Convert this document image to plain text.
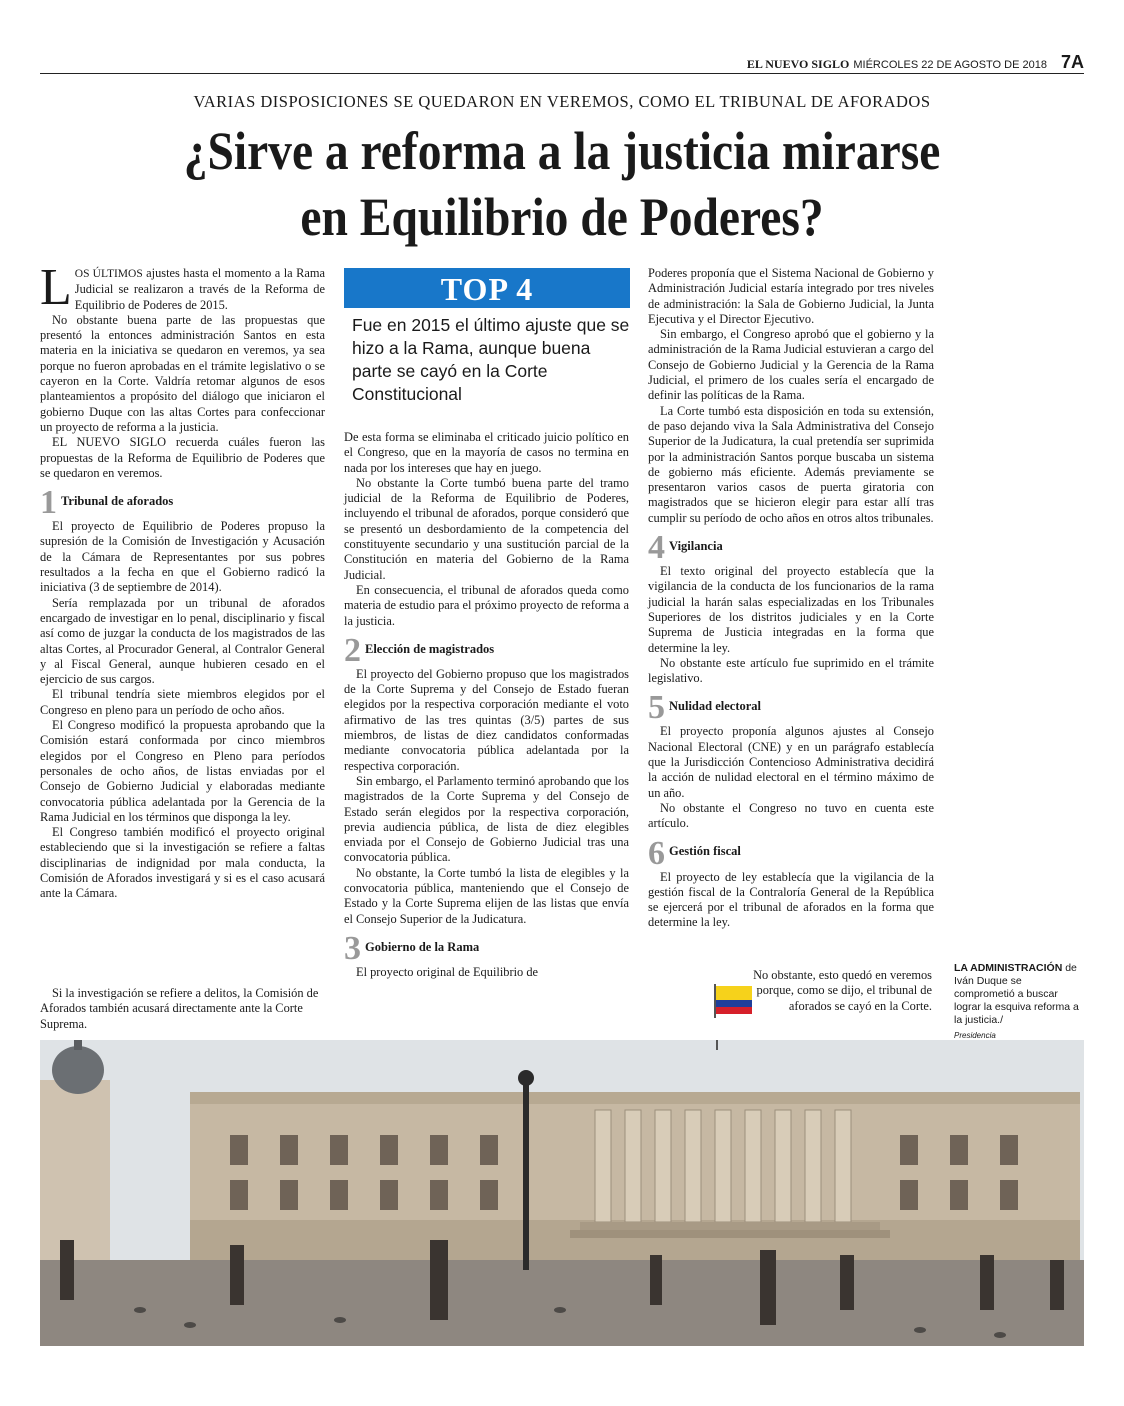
EL NUEVO SIGLO MIÉRCOLES 22 DE AGOSTO DE 2018 7A
VARIAS DISPOSICIONES SE QUEDARON EN VEREMOS, COMO EL TRIBUNAL DE AFORADOS
¿Sirve a reforma a la justicia mirarse
en Equilibrio de Poderes?

LOS ÚLTIMOS ajustes hasta el momento a la Rama Judicial se realizaron a través de la Reforma de Equilibrio de Poderes de 2015.

No obstante buena parte de las propuestas que presentó la entonces administración Santos en esta materia en la iniciativa se quedaron en veremos, ya sea porque no fueron aprobadas en el trámite legislativo o se cayeron en la Corte. Valdría retomar algunos de esos planteamientos a propósito del diálogo que iniciaron el gobierno Duque con las altas Cortes para confeccionar un proyecto de reforma a la justicia.

EL NUEVO SIGLO recuerda cuáles fueron las propuestas de la Reforma de Equilibrio de Poderes que se quedaron en veremos.

1 Tribunal de aforados

El proyecto de Equilibrio de Poderes propuso la supresión de la Comisión de Investigación y Acusación de la Cámara de Representantes por sus pobres resultados a la fecha en que el Gobierno radicó la iniciativa (3 de septiembre de 2014).

Sería remplazada por un tribunal de aforados encargado de investigar en lo penal, disciplinario y fiscal así como de juzgar la conducta de los magistrados de las altas Cortes, al Procurador General, al Contralor General y al Fiscal General, aunque hubieren cesado en el ejercicio de sus cargos.

El tribunal tendría siete miembros elegidos por el Congreso en pleno para un período de ocho años.

El Congreso modificó la propuesta aprobando que la Comisión estará conformada por cinco miembros elegidos por el Congreso en Pleno para períodos personales de ocho años, de listas enviadas por el Consejo de Gobierno Judicial y elaboradas mediante convocatoria pública adelantada por la Gerencia de la Rama Judicial en los términos que disponga la ley.

El Congreso también modificó el proyecto original estableciendo que si la investigación se refiere a faltas disciplinarias de indignidad por mala conducta, la Comisión de Aforados investigará y si es el caso acusará ante la Cámara.

Si la investigación se refiere a delitos, la Comisión de Aforados también acusará directamente ante la Corte Suprema.

TOP 4
Fue en 2015 el último ajuste que se hizo a la Rama, aunque buena parte se cayó en la Corte Constitucional

De esta forma se eliminaba el criticado juicio político en el Congreso, que en la mayoría de casos no termina en nada por los intereses que hay en juego.

No obstante la Corte tumbó buena parte del tramo judicial de la Reforma de Equilibrio de Poderes, incluyendo el tribunal de aforados, porque consideró que se presentó un desbordamiento de la competencia del constituyente secundario y una sustitución parcial de la Constitución en materia del Gobierno de la Rama Judicial.

En consecuencia, el tribunal de aforados queda como materia de estudio para el próximo proyecto de reforma a la justicia.

2 Elección de magistrados

El proyecto del Gobierno propuso que los magistrados de la Corte Suprema y del Consejo de Estado fueran elegidos por la respectiva corporación mediante el voto afirmativo de las tres quintas (3/5) partes de sus miembros, de listas de diez candidatos conformadas mediante convocatoria pública adelantada por la respectiva corporación.

Sin embargo, el Parlamento terminó aprobando que los magistrados de la Corte Suprema y del Consejo de Estado serán elegidos por la respectiva corporación, previa audiencia pública, de lista de diez elegibles enviada por el Consejo de Gobierno Judicial tras una convocatoria pública.

No obstante, la Corte tumbó la lista de elegibles y la convocatoria pública, manteniendo que el Consejo de Estado y la Corte Suprema elijen de las listas que envía el Consejo Superior de la Judicatura.

3 Gobierno de la Rama

El proyecto original de Equilibrio de

Poderes proponía que el Sistema Nacional de Gobierno y Administración Judicial estaría integrado por tres niveles de administración: la Sala de Gobierno Judicial, la Junta Ejecutiva y el Director Ejecutivo.

Sin embargo, el Congreso aprobó que el gobierno y la administración de la Rama Judicial estuvieran a cargo del Consejo de Gobierno Judicial y la Gerencia de la Rama Judicial, el primero de los cuales sería el encargado de definir las políticas de la Rama.

La Corte tumbó esta disposición en toda su extensión, de paso dejando viva la Sala Administrativa del Consejo Superior de la Judicatura, la cual pretendía ser suprimida por la administración Santos porque buscaba un sistema de gobierno más eficiente. Además previamente se presentaron varios casos de puerta giratoria con magistrados que se hicieron elegir para estar allí tras cumplir su período de ocho años en otros altos tribunales.

4 Vigilancia

El texto original del proyecto establecía que la vigilancia de la conducta de los funcionarios de la rama judicial la harán salas especializadas en los Tribunales Superiores de los distritos judiciales y en la Corte Suprema de Justicia integradas en la forma que determine la ley.

No obstante este artículo fue suprimido en el trámite legislativo.

5 Nulidad electoral

El proyecto proponía algunos ajustes al Consejo Nacional Electoral (CNE) y en un parágrafo establecía que la Jurisdicción Contencioso Administrativa decidirá la acción de nulidad electoral en el término máximo de un año.

No obstante el Congreso no tuvo en cuenta este artículo.

6 Gestión fiscal

El proyecto de ley establecía que la vigilancia de la gestión fiscal de la Contraloría General de la República se ejercerá por el tribunal de aforados en la forma que determine la ley.

No obstante, esto quedó en veremos porque, como se dijo, el tribunal de aforados se cayó en la Corte.
LA ADMINISTRACIÓN de Iván Duque se comprometió a buscar lograr la esquiva reforma a la justicia./
Presidencia
